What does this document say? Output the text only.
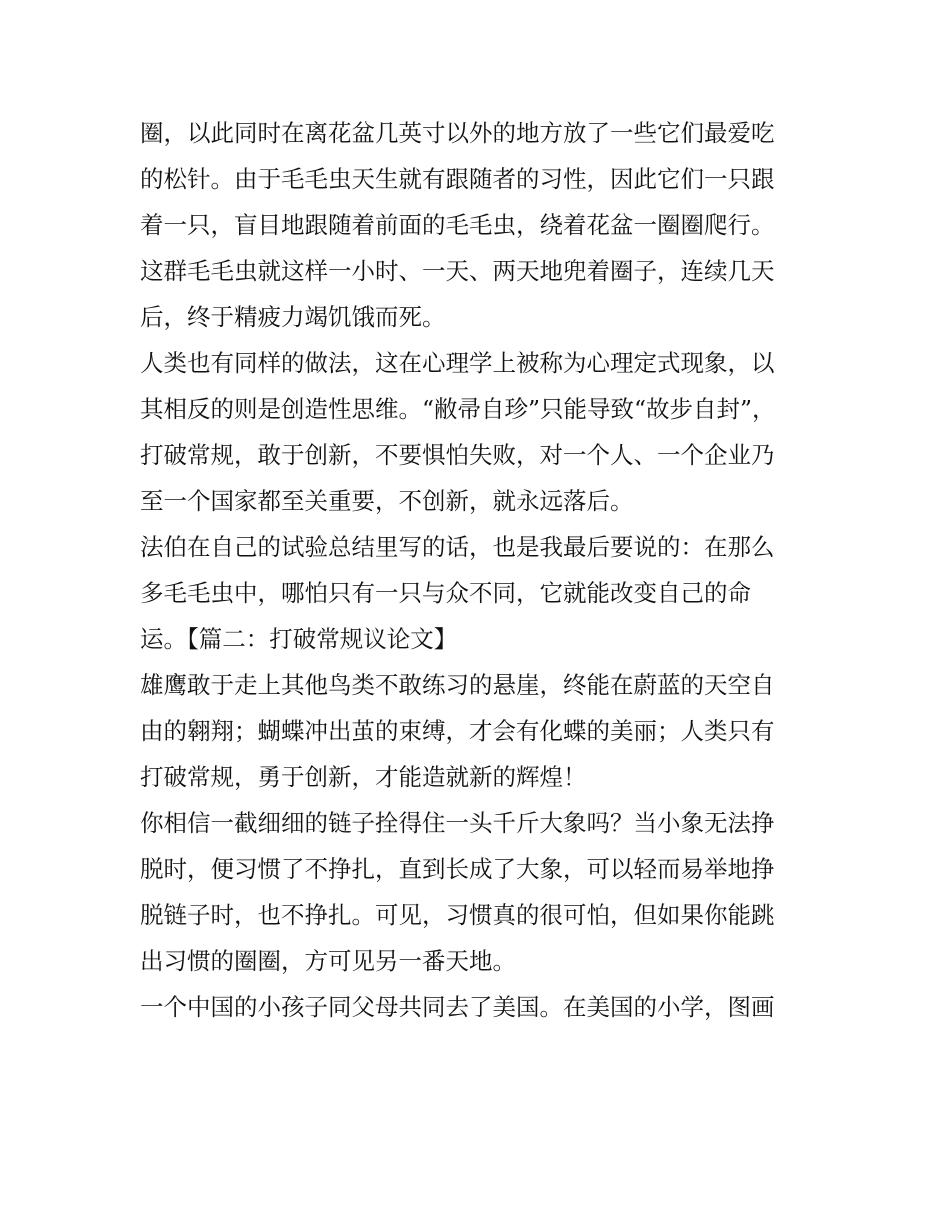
圈，以此同时在离花盆几英寸以外的地方放了一些它们最爱吃
的松针。由于毛毛虫天生就有跟随者的习性，因此它们一只跟
着一只，盲目地跟随着前面的毛毛虫，绕着花盆一圈圈爬行。
这群毛毛虫就这样一小时、一天、两天地兜着圈子，连续几天
后，终于精疲力竭饥饿而死。
人类也有同样的做法，这在心理学上被称为心理定式现象，以
其相反的则是创造性思维。“敝帚自珍”只能导致“故步自封”，
打破常规，敢于创新，不要惧怕失败，对一个人、一个企业乃
至一个国家都至关重要，不创新，就永远落后。
法伯在自己的试验总结里写的话，也是我最后要说的：在那么
多毛毛虫中，哪怕只有一只与众不同，它就能改变自己的命
运。【篇二：打破常规议论文】
雄鹰敢于走上其他鸟类不敢练习的悬崖，终能在蔚蓝的天空自
由的翱翔；蝴蝶冲出茧的束缚，才会有化蝶的美丽；人类只有
打破常规，勇于创新，才能造就新的辉煌！
你相信一截细细的链子拴得住一头千斤大象吗？当小象无法挣
脱时，便习惯了不挣扎，直到长成了大象，可以轻而易举地挣
脱链子时，也不挣扎。可见，习惯真的很可怕，但如果你能跳
出习惯的圈圈，方可见另一番天地。
一个中国的小孩子同父母共同去了美国。在美国的小学，图画
